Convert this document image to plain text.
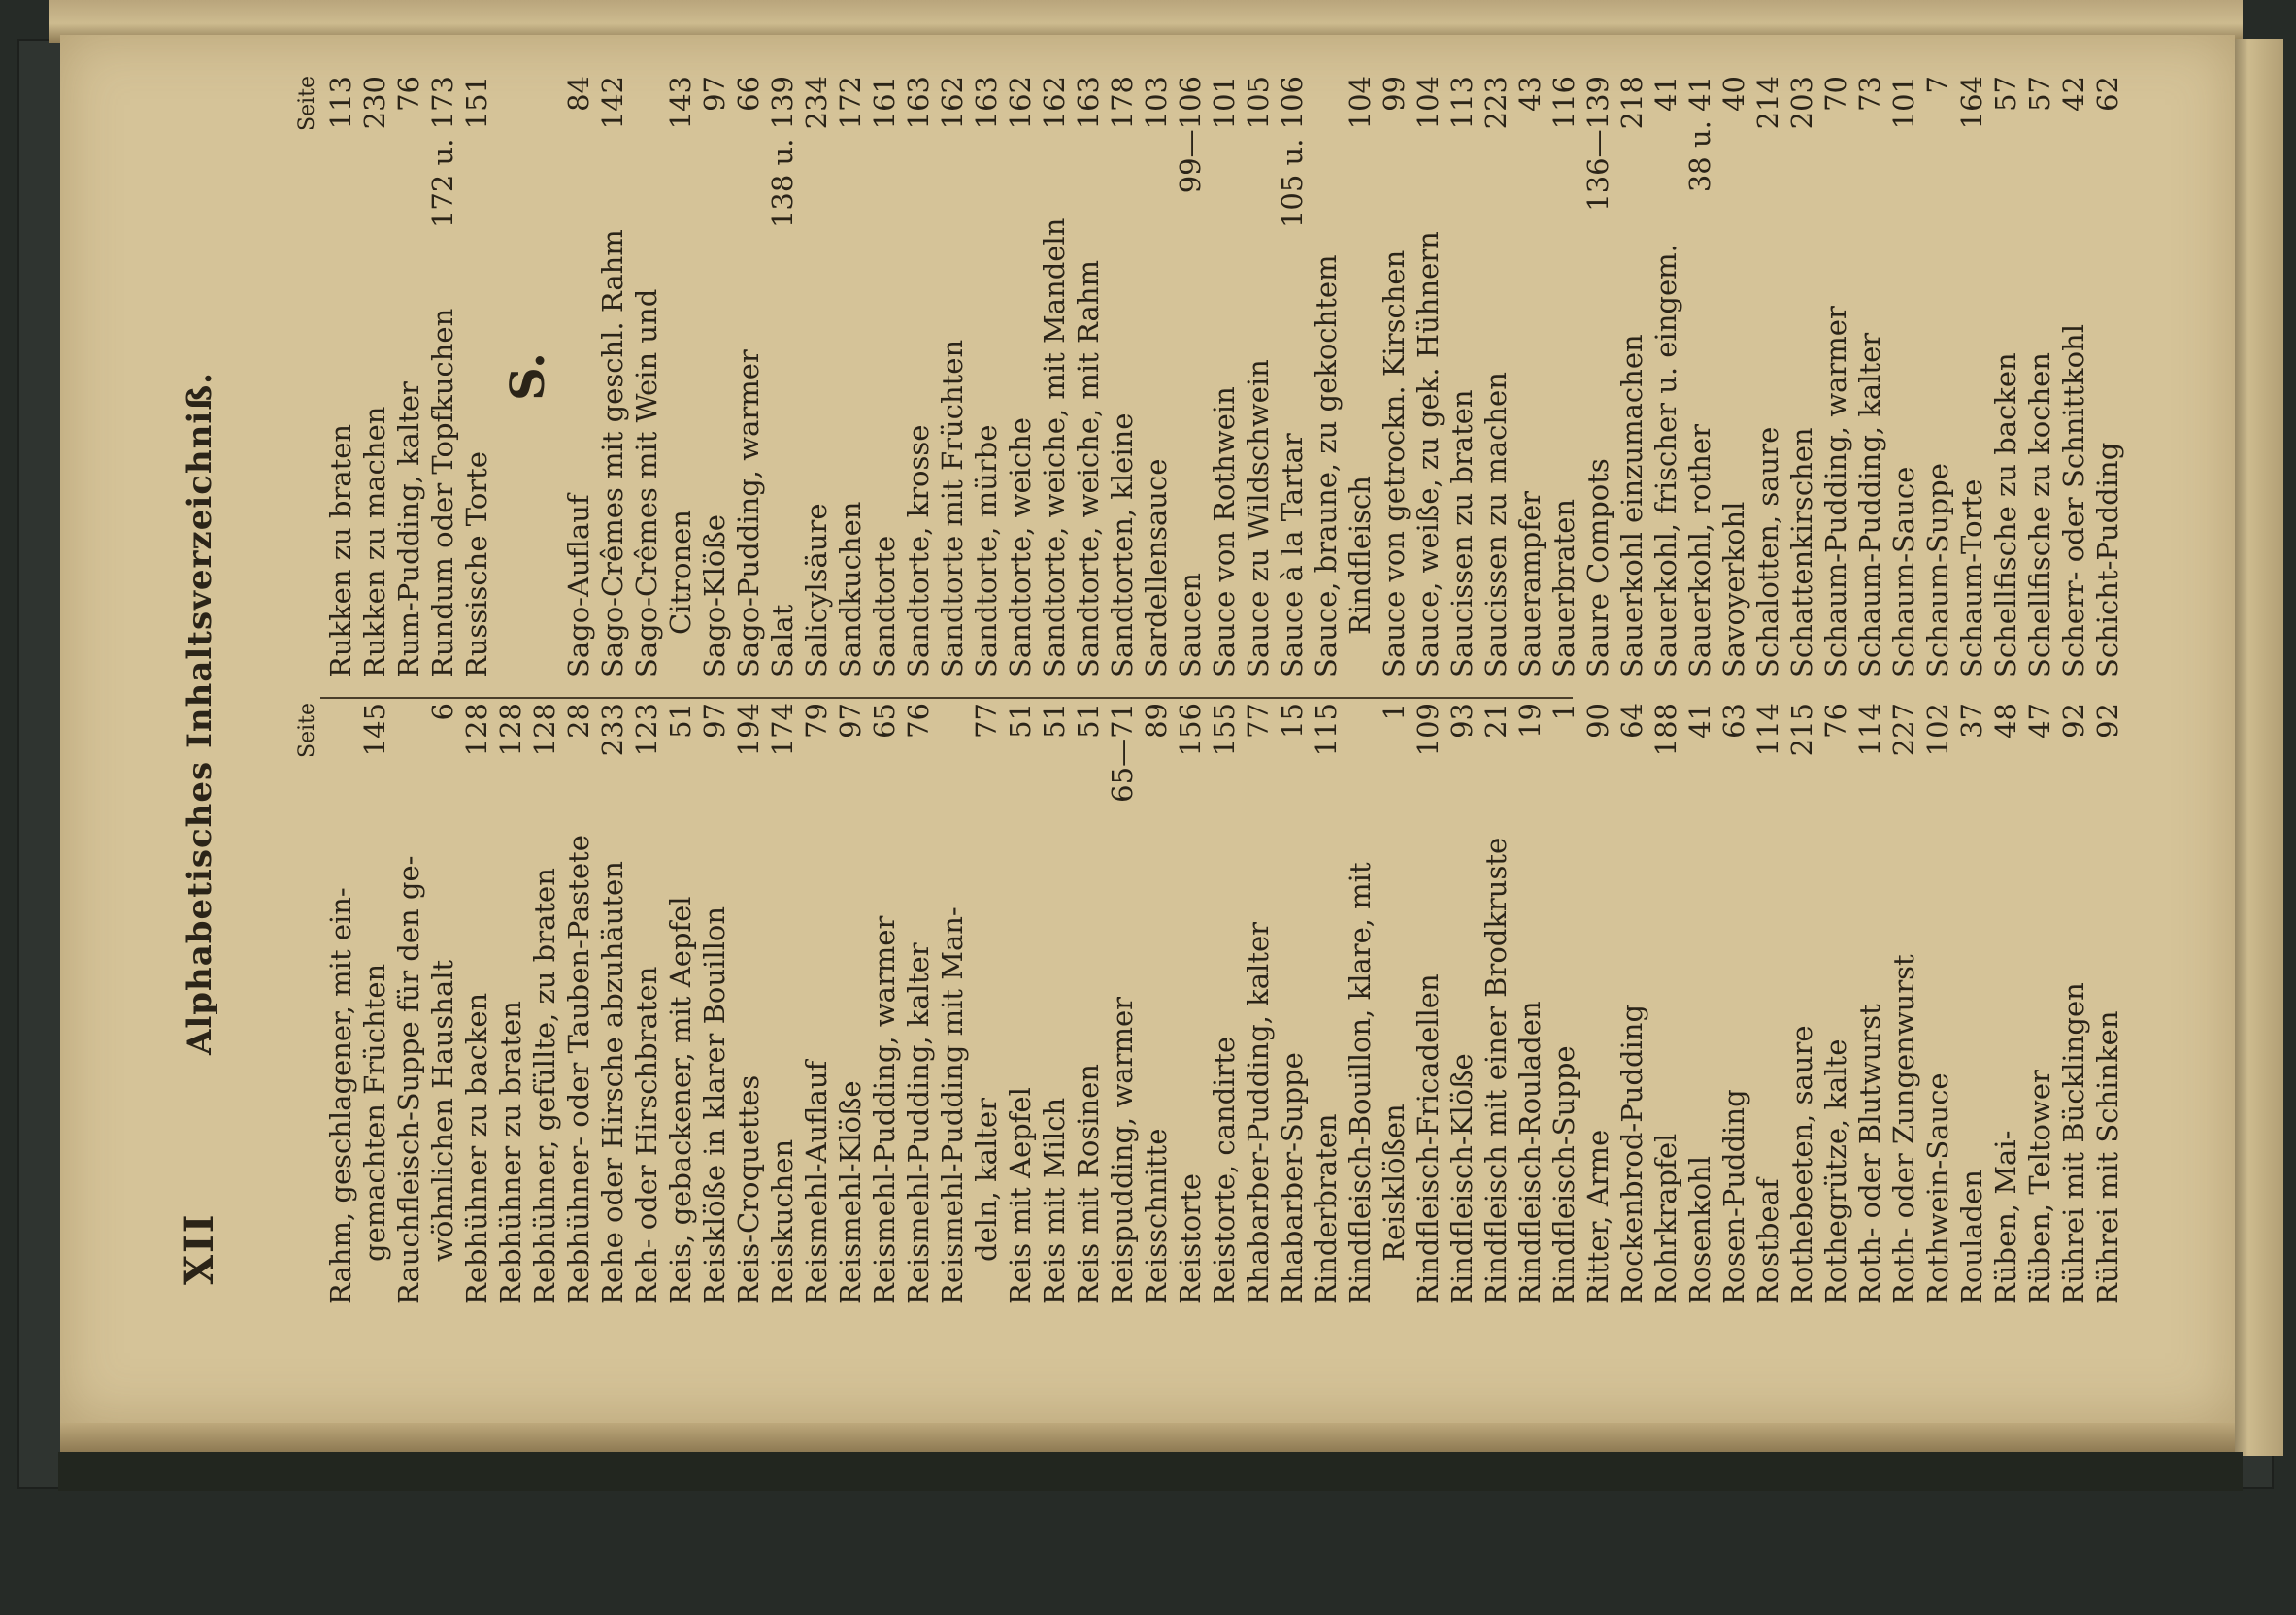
XII
Alphabetisches Inhaltsverzeichniß.	Seite
Rahm, geschlagener, mit ein- gemachten Früchten
145
Rauchfleisch-Suppe für den ge- wöhnlichen Haushalt
6
Rebhühner zu backen
128
Rebhühner zu braten
128
Rebhühner, gefüllte, zu braten
128
Rebhühner- oder Tauben-Pastete
28
Rehe oder Hirsche abzuhäuten
233
Reh- oder Hirschbraten
123
Reis, gebackener, mit Aepfel
51
Reisklöße in klarer Bouillon
97
Reis-Croquettes
194
Reiskuchen
174
Reismehl-Auflauf
79
Reismehl-Klöße
97
Reismehl-Pudding, warmer
65
Reismehl-Pudding, kalter
76
Reismehl-Pudding mit Man- deln, kalter
77
Reis mit Aepfel
51
Reis mit Milch
51
Reis mit Rosinen
51
Reispudding, warmer
65—71
Reisschnitte
89
Reistorte
156
Reistorte, candirte
155
Rhabarber-Pudding, kalter
77
Rhabarber-Suppe
15
Rinderbraten
115
Rindfleisch-Bouillon, klare, mit Reisklößen
1
Rindfleisch-Fricadellen
109
Rindfleisch-Klöße
93
Rindfleisch mit einer Brodkruste
21
Rindfleisch-Rouladen
19
Rindfleisch-Suppe
1
Ritter, Arme
90
Rockenbrod-Pudding
64
Rohrkrapfel
188
Rosenkohl
41
Rosen-Pudding
63
Rostbeaf
114
Rothebeeten, saure
215
Rothegrütze, kalte
76
Roth- oder Blutwurst
114
Roth- oder Zungenwurst
227
Rothwein-Sauce
102
Rouladen
37
Rüben, Mai-
48
Rüben, Teltower
47
Rührei mit Bücklingen
92
Rührei mit Schinken
92
Seite
Rukken zu braten
113
Rukken zu machen
230
Rum-Pudding, kalter
76
Rundum oder Topfkuchen
172 u. 173
Russische Torte
151
S.
Sago-Auflauf
84
Sago-Crêmes mit geschl. Rahm
142
Sago-Crêmes mit Wein und Citronen
143
Sago-Klöße
97
Sago-Pudding, warmer
66
Salat
138 u. 139
Salicylsäure
234
Sandkuchen
172
Sandtorte
161
Sandtorte, krosse
163
Sandtorte mit Früchten
162
Sandtorte, mürbe
163
Sandtorte, weiche
162
Sandtorte, weiche, mit Mandeln
162
Sandtorte, weiche, mit Rahm
163
Sandtorten, kleine
178
Sardellensauce
103
Saucen
99—106
Sauce von Rothwein
101
Sauce zu Wildschwein
105
Sauce à la Tartar
105 u. 106
Sauce, braune, zu gekochtem Rindfleisch
104
Sauce von getrockn. Kirschen
99
Sauce, weiße, zu gek. Hühnern
104
Saucissen zu braten
113
Saucissen zu machen
223
Sauerampfer
43
Sauerbraten
116
Saure Compots
136—139
Sauerkohl einzumachen
218
Sauerkohl, frischer u. eingem.
41
Sauerkohl, rother
38 u. 41
Savoyerkohl
40
Schalotten, saure
214
Schattenkirschen
203
Schaum-Pudding, warmer
70
Schaum-Pudding, kalter
73
Schaum-Sauce
101
Schaum-Suppe
7
Schaum-Torte
164
Schellfische zu backen
57
Schellfische zu kochen
57
Scherr- oder Schnittkohl
42
Schicht-Pudding
62
